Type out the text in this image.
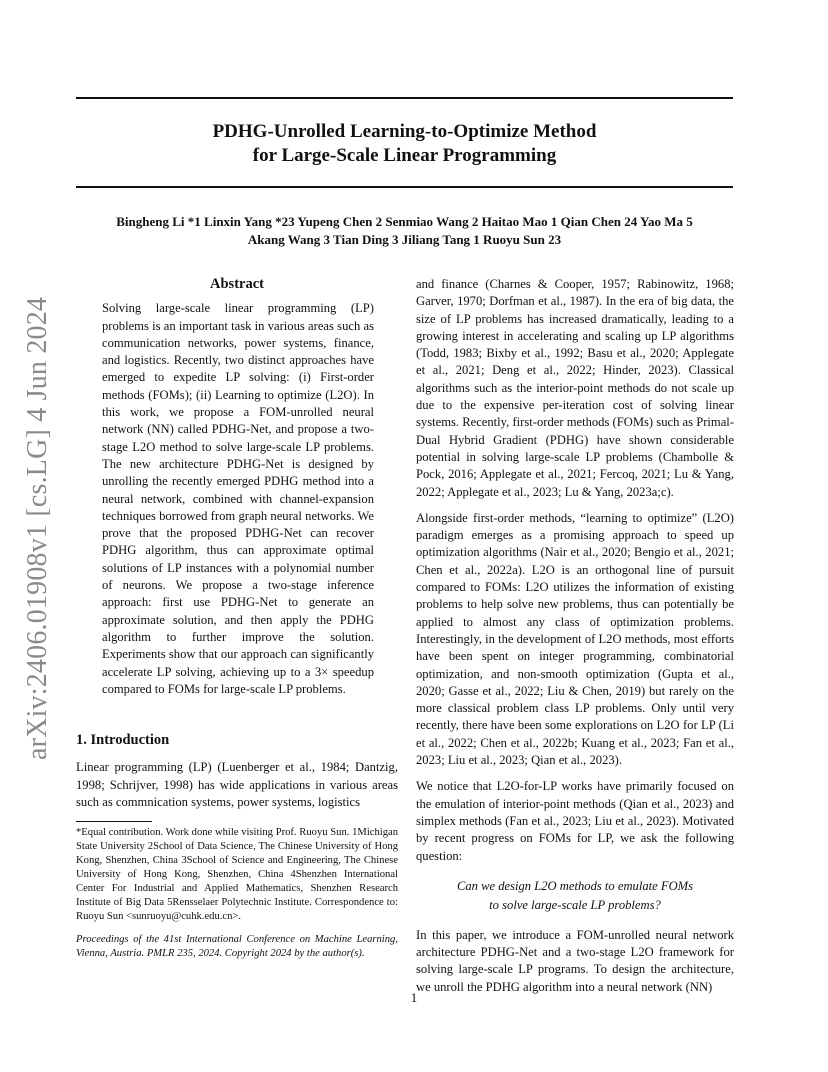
arXiv:2406.01908v1 [cs.LG] 4 Jun 2024
PDHG-Unrolled Learning-to-Optimize Method
for Large-Scale Linear Programming
Bingheng Li *1 Linxin Yang *23 Yupeng Chen 2 Senmiao Wang 2 Haitao Mao 1 Qian Chen 24 Yao Ma 5
Akang Wang 3 Tian Ding 3 Jiliang Tang 1 Ruoyu Sun 23
Abstract

Solving large-scale linear programming (LP) problems is an important task in various areas such as communication networks, power systems, finance, and logistics. Recently, two distinct approaches have emerged to expedite LP solving: (i) First-order methods (FOMs); (ii) Learning to optimize (L2O). In this work, we propose a FOM-unrolled neural network (NN) called PDHG-Net, and propose a two-stage L2O method to solve large-scale LP problems. The new architecture PDHG-Net is designed by unrolling the recently emerged PDHG method into a neural network, combined with channel-expansion techniques borrowed from graph neural networks. We prove that the proposed PDHG-Net can recover PDHG algorithm, thus can approximate optimal solutions of LP instances with a polynomial number of neurons. We propose a two-stage inference approach: first use PDHG-Net to generate an approximate solution, and then apply the PDHG algorithm to further improve the solution. Experiments show that our approach can significantly accelerate LP solving, achieving up to a 3× speedup compared to FOMs for large-scale LP problems.

1. Introduction

Linear programming (LP) (Luenberger et al., 1984; Dantzig, 1998; Schrijver, 1998) has wide applications in various areas such as commnication systems, power systems, logistics

*Equal contribution. Work done while visiting Prof. Ruoyu Sun. 1Michigan State University 2School of Data Science, The Chinese University of Hong Kong, Shenzhen, China 3School of Science and Engineering, The Chinese University of Hong Kong, Shenzhen, China 4Shenzhen International Center For Industrial and Applied Mathematics, Shenzhen Research Institute of Big Data 5Rensselaer Polytechnic Institute. Correspondence to: Ruoyu Sun <sunruoyu@cuhk.edu.cn>.
Proceedings of the 41st International Conference on Machine Learning, Vienna, Austria. PMLR 235, 2024. Copyright 2024 by the author(s).

and finance (Charnes & Cooper, 1957; Rabinowitz, 1968; Garver, 1970; Dorfman et al., 1987). In the era of big data, the size of LP problems has increased dramatically, leading to a growing interest in accelerating and scaling up LP algorithms (Todd, 1983; Bixby et al., 1992; Basu et al., 2020; Applegate et al., 2021; Deng et al., 2022; Hinder, 2023). Classical algorithms such as the interior-point methods do not scale up due to the expensive per-iteration cost of solving linear systems. Recently, first-order methods (FOMs) such as Primal-Dual Hybrid Gradient (PDHG) have shown considerable potential in solving large-scale LP problems (Chambolle & Pock, 2016; Applegate et al., 2021; Fercoq, 2021; Lu & Yang, 2022; Applegate et al., 2023; Lu & Yang, 2023a;c).

Alongside first-order methods, “learning to optimize” (L2O) paradigm emerges as a promising approach to speed up optimization algorithms (Nair et al., 2020; Bengio et al., 2021; Chen et al., 2022a). L2O is an orthogonal line of pursuit compared to FOMs: L2O utilizes the information of existing problems to help solve new problems, thus can potentially be applied to almost any class of optimization problems. Interestingly, in the development of L2O methods, most efforts have been spent on integer programming, combinatorial optimization, and non-smooth optimization (Gupta et al., 2020; Gasse et al., 2022; Liu & Chen, 2019) but rarely on the more classical problem class LP problems. Only until very recently, there have been some explorations on L2O for LP (Li et al., 2022; Chen et al., 2022b; Kuang et al., 2023; Fan et al., 2023; Liu et al., 2023; Qian et al., 2023).

We notice that L2O-for-LP works have primarily focused on the emulation of interior-point methods (Qian et al., 2023) and simplex methods (Fan et al., 2023; Liu et al., 2023). Motivated by recent progress on FOMs for LP, we ask the following question:

Can we design L2O methods to emulate FOMs
to solve large-scale LP problems?

In this paper, we introduce a FOM-unrolled neural network architecture PDHG-Net and a two-stage L2O framework for solving large-scale LP programs. To design the architecture, we unroll the PDHG algorithm into a neural network (NN)

1
